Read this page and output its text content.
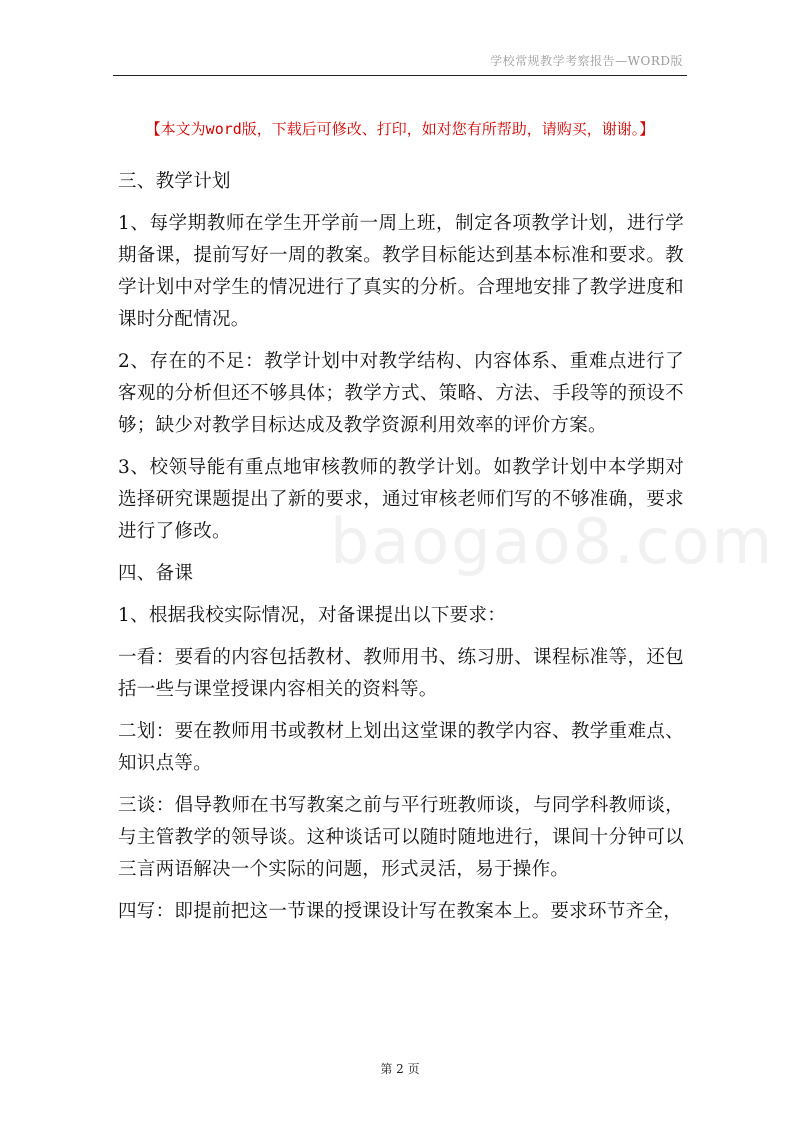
学校常规教学考察报告—WORD版
【本文为word版，下载后可修改、打印，如对您有所帮助，请购买，谢谢。】
baogao8.com

三、教学计划

1、每学期教师在学生开学前一周上班，制定各项教学计划，进行学期备课，提前写好一周的教案。教学目标能达到基本标准和要求。教学计划中对学生的情况进行了真实的分析。合理地安排了教学进度和课时分配情况。

2、存在的不足：教学计划中对教学结构、内容体系、重难点进行了客观的分析但还不够具体；教学方式、策略、方法、手段等的预设不够；缺少对教学目标达成及教学资源利用效率的评价方案。

3、校领导能有重点地审核教师的教学计划。如教学计划中本学期对选择研究课题提出了新的要求，通过审核老师们写的不够准确，要求进行了修改。

四、备课

1、根据我校实际情况，对备课提出以下要求：

一看：要看的内容包括教材、教师用书、练习册、课程标准等，还包括一些与课堂授课内容相关的资料等。

二划：要在教师用书或教材上划出这堂课的教学内容、教学重难点、知识点等。

三谈：倡导教师在书写教案之前与平行班教师谈，与同学科教师谈，与主管教学的领导谈。这种谈话可以随时随地进行，课间十分钟可以三言两语解决一个实际的问题，形式灵活，易于操作。

四写：即提前把这一节课的授课设计写在教案本上。要求环节齐全，

第 2 页
